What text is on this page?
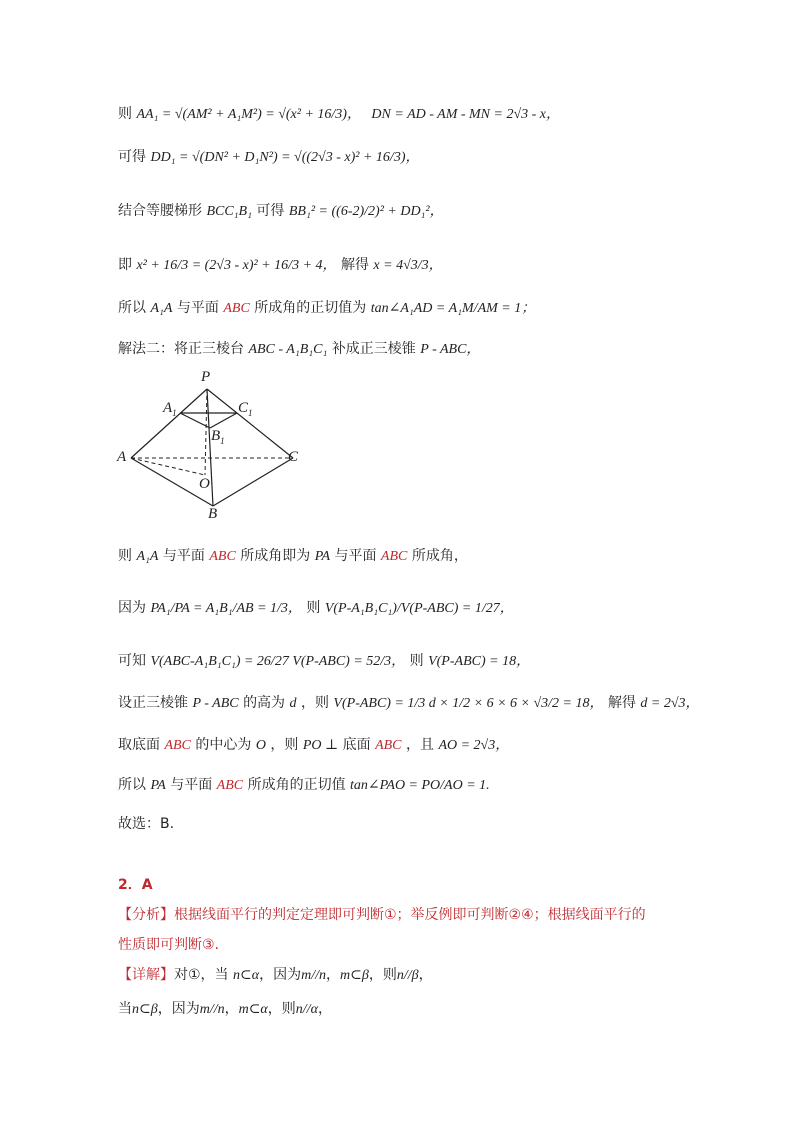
则 AA₁ = √(AM² + A₁M²) = √(x² + 16/3)， DN = AD - AM - MN = 2√3 - x，
可得 DD₁ = √(DN² + D₁N²) = √((2√3 - x)² + 16/3)，
结合等腰梯形 BCC₁B₁ 可得 BB₁² = ((6-2)/2)² + DD₁²，
即 x² + 16/3 = (2√3 - x)² + 16/3 + 4， 解得 x = 4√3/3，
所以 A₁A 与平面 ABC 所成角的正切值为 tan∠A₁AD = A₁M/AM = 1；
解法二：将正三棱台 ABC - A₁B₁C₁ 补成正三棱锥 P - ABC，
P
$A_1$	$C_1$
$B_1$
A	C
O
B
则 A₁A 与平面 ABC 所成角即为 PA 与平面 ABC 所成角，
因为 PA₁/PA = A₁B₁/AB = 1/3， 则 V(P-A₁B₁C₁)/V(P-ABC) = 1/27，
可知 V(ABC-A₁B₁C₁) = 26/27 V(P-ABC) = 52/3， 则 V(P-ABC) = 18，
设正三棱锥 P - ABC 的高为 d ，则 V(P-ABC) = 1/3 d × 1/2 × 6 × 6 × √3/2 = 18， 解得 d = 2√3，
取底面 ABC 的中心为 O ，则 PO ⊥ 底面 ABC ，且 AO = 2√3，
所以 PA 与平面 ABC 所成角的正切值 tan∠PAO = PO/AO = 1.
故选：B.
2．A
【分析】根据线面平行的判定定理即可判断①；举反例即可判断②④；根据线面平行的
性质即可判断③.
【详解】对①，当 n⊂α，因为m//n，m⊂β，则n//β，
当n⊂β，因为m//n，m⊂α，则n//α，
